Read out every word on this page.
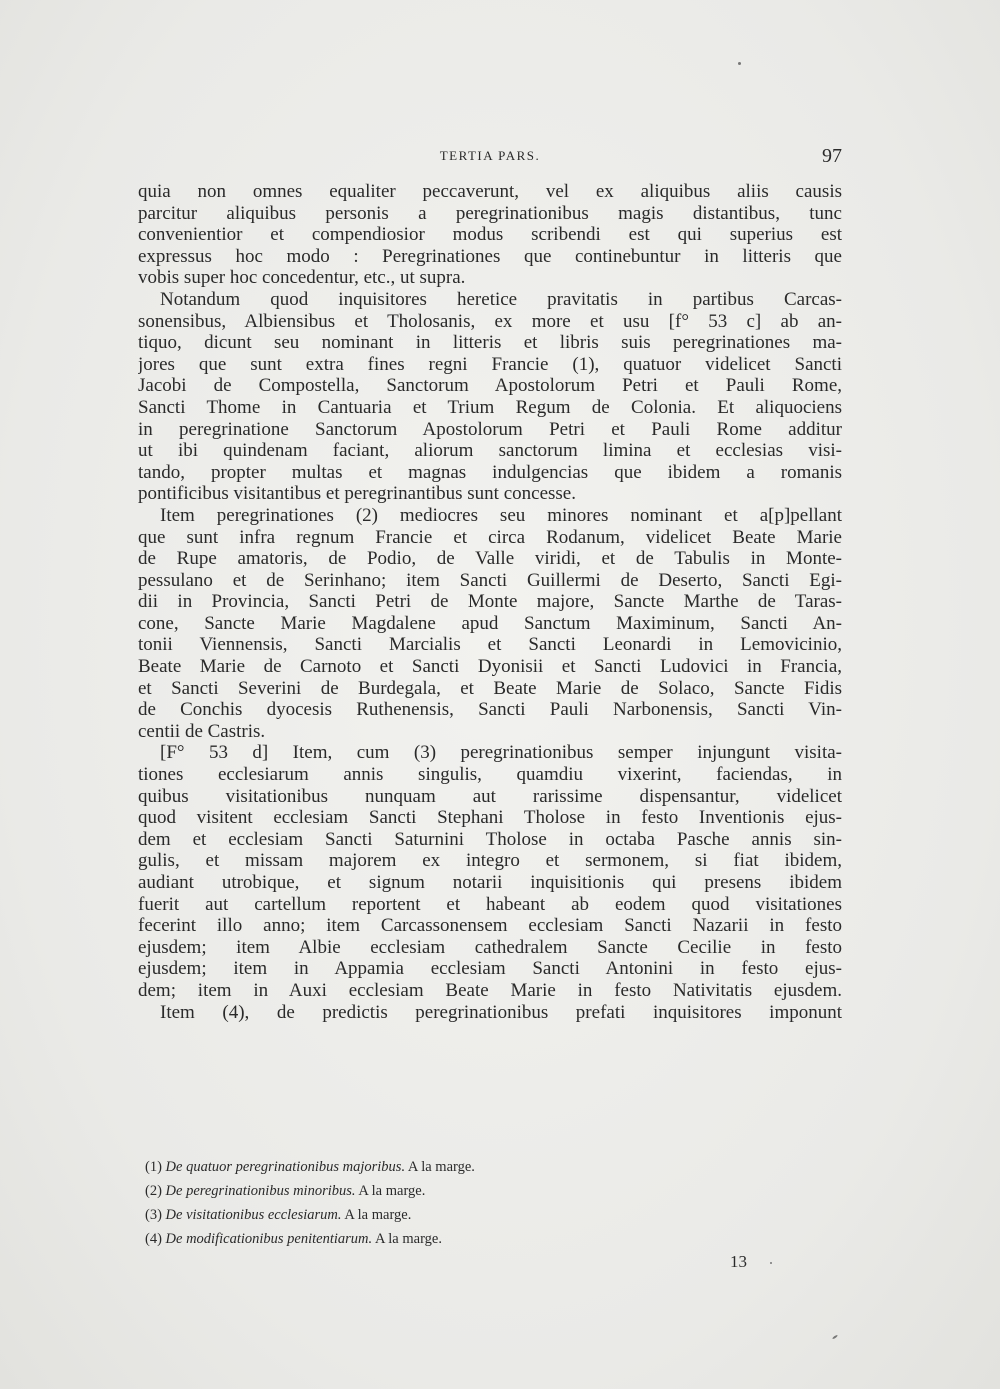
TERTIA PARS.	97
quia non omnes equaliter peccaverunt, vel ex aliquibus aliis causis
parcitur aliquibus personis a peregrinationibus magis distantibus, tunc
convenientior et compendiosior modus scribendi est qui superius est
expressus hoc modo : Peregrinationes que continebuntur in litteris que
vobis super hoc concedentur, etc., ut supra.
Notandum quod inquisitores heretice pravitatis in partibus Carcas-
sonensibus, Albiensibus et Tholosanis, ex more et usu [f° 53 c] ab an-
tiquo, dicunt seu nominant in litteris et libris suis peregrinationes ma-
jores que sunt extra fines regni Francie (1), quatuor videlicet Sancti
Jacobi de Compostella, Sanctorum Apostolorum Petri et Pauli Rome,
Sancti Thome in Cantuaria et Trium Regum de Colonia. Et aliquociens
in peregrinatione Sanctorum Apostolorum Petri et Pauli Rome additur
ut ibi quindenam faciant, aliorum sanctorum limina et ecclesias visi-
tando, propter multas et magnas indulgencias que ibidem a romanis
pontificibus visitantibus et peregrinantibus sunt concesse.
Item peregrinationes (2) mediocres seu minores nominant et a[p]pellant
que sunt infra regnum Francie et circa Rodanum, videlicet Beate Marie
de Rupe amatoris, de Podio, de Valle viridi, et de Tabulis in Monte-
pessulano et de Serinhano; item Sancti Guillermi de Deserto, Sancti Egi-
dii in Provincia, Sancti Petri de Monte majore, Sancte Marthe de Taras-
cone, Sancte Marie Magdalene apud Sanctum Maximinum, Sancti An-
tonii Viennensis, Sancti Marcialis et Sancti Leonardi in Lemovicinio,
Beate Marie de Carnoto et Sancti Dyonisii et Sancti Ludovici in Francia,
et Sancti Severini de Burdegala, et Beate Marie de Solaco, Sancte Fidis
de Conchis dyocesis Ruthenensis, Sancti Pauli Narbonensis, Sancti Vin-
centii de Castris.
[F° 53 d] Item, cum (3) peregrinationibus semper injungunt visita-
tiones ecclesiarum annis singulis, quamdiu vixerint, faciendas, in
quibus visitationibus nunquam aut rarissime dispensantur, videlicet
quod visitent ecclesiam Sancti Stephani Tholose in festo Inventionis ejus-
dem et ecclesiam Sancti Saturnini Tholose in octaba Pasche annis sin-
gulis, et missam majorem ex integro et sermonem, si fiat ibidem,
audiant utrobique, et signum notarii inquisitionis qui presens ibidem
fuerit aut cartellum reportent et habeant ab eodem quod visitationes
fecerint illo anno; item Carcassonensem ecclesiam Sancti Nazarii in festo
ejusdem; item Albie ecclesiam cathedralem Sancte Cecilie in festo
ejusdem; item in Appamia ecclesiam Sancti Antonini in festo ejus-
dem; item in Auxi ecclesiam Beate Marie in festo Nativitatis ejusdem.
Item (4), de predictis peregrinationibus prefati inquisitores imponunt
(1) De quatuor peregrinationibus majoribus. A la marge.
(2) De peregrinationibus minoribus. A la marge.
(3) De visitationibus ecclesiarum. A la marge.
(4) De modificationibus penitentiarum. A la marge.
13
